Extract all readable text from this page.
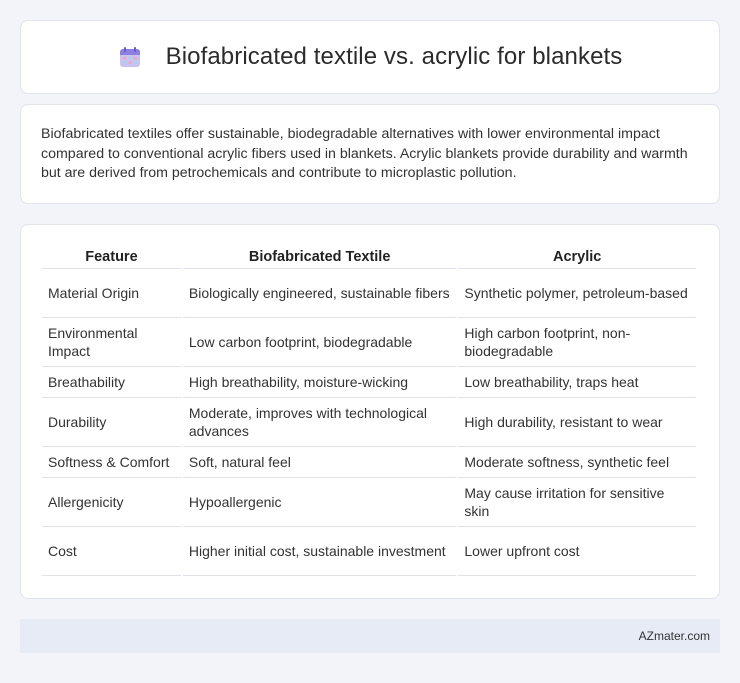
Biofabricated textile vs. acrylic for blankets

Biofabricated textiles offer sustainable, biodegradable alternatives with lower environmental impact compared to conventional acrylic fibers used in blankets. Acrylic blankets provide durability and warmth but are derived from petrochemicals and contribute to microplastic pollution.

Feature	Biofabricated Textile	Acrylic
Material Origin	Biologically engineered, sustainable fibers	Synthetic polymer, petroleum-based
Environmental Impact	Low carbon footprint, biodegradable	High carbon footprint, non-biodegradable
Breathability	High breathability, moisture-wicking	Low breathability, traps heat
Durability	Moderate, improves with technological advances	High durability, resistant to wear
Softness & Comfort	Soft, natural feel	Moderate softness, synthetic feel
Allergenicity	Hypoallergenic	May cause irritation for sensitive skin
Cost	Higher initial cost, sustainable investment	Lower upfront cost
AZmater.com
